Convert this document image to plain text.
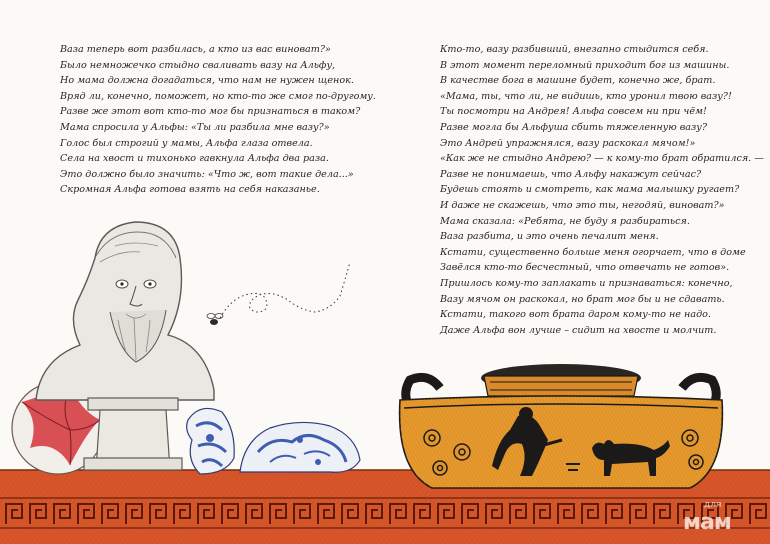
Ваза теперь вот разбилась, а кто из вас виноват?»
Было немножечко стыдно сваливать вазу на Альфу,
Но мама должна догадаться, что нам не нужен щенок.
Вряд ли, конечно, поможет, но кто-то же смог по-другому.
Разве же этот вот кто-то мог бы признаться в таком?
Мама спросила у Альфы: «Ты ли разбила мне вазу?»
Голос был строгий у мамы, Альфа глаза отвела.
Села на хвост и тихонько гавкнула Альфа два раза.
Это должно было значить: «Что ж, вот такие дела...»
Скромная Альфа готова взять на себя наказанье.
Кто-то, вазу разбивший, внезапно стыдится себя.
В этот момент переломный приходит бог из машины.
В качестве бога в машине будет, конечно же, брат.
«Мама, ты, что ли, не видишь, кто уронил твою вазу?!
Ты посмотри на Андрея! Альфа совсем ни при чём!
Разве могла бы Альфуша сбить тяжеленную вазу?
Это Андрей упражнялся, вазу раскокал мячом!»
«Как же не стыдно Андрею? — к кому-то брат обратился. —
Разве не понимаешь, что Альфу накажут сейчас?
Будешь стоять и смотреть, как мама малышку ругает?
И даже не скажешь, что это ты, негодяй, виноват?»
Мама сказала: «Ребята, не буду я разбираться.
Ваза разбита, и это очень печалит меня.
Кстати, существенно больше меня огорчает, что в доме
Завёлся кто-то бесчестный, что отвечать не готов».
Пришлось кому-то заплакать и признаваться: конечно,
Вазу мячом он раскокал, но брат мог бы и не сдавать.
Кстати, такого вот брата даром кому-то не надо.
Даже Альфа вон лучше – сидит на хвосте и молчит.
для
мам
